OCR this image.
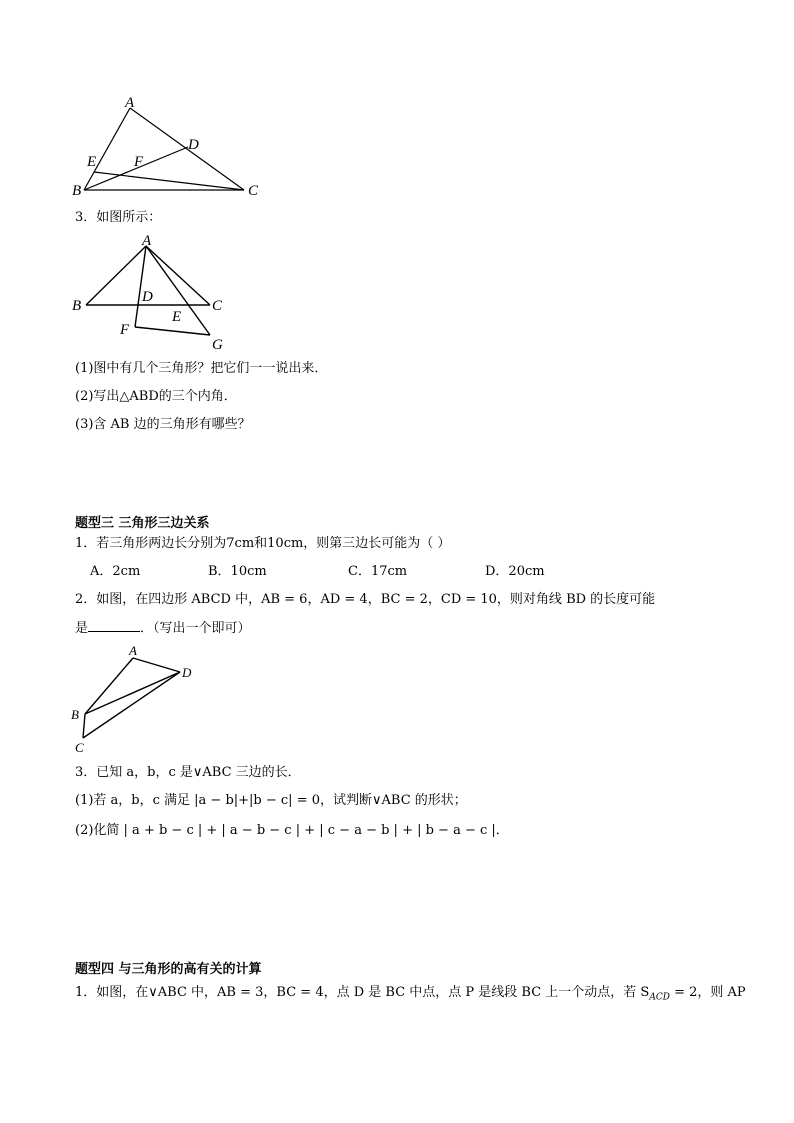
A
B	C
D
E	F
3．如图所示：
A
B	C
D
E
F
G
(1)图中有几个三角形？把它们一一说出来．
(2)写出△ABD的三个内角．
(3)含 AB 边的三角形有哪些？
题型三 三角形三边关系
1．若三角形两边长分别为7cm和10cm，则第三边长可能为（ ）
A．2cm	B．10cm	C．17cm	D．20cm
2．如图，在四边形 ABCD 中，AB = 6，AD = 4，BC = 2，CD = 10，则对角线 BD 的长度可能
是	．（写出一个即可）
A
B
C
D
3．已知 a，b，c 是∨ABC 三边的长．
(1)若 a，b，c 满足 |a − b|+|b − c| = 0，试判断∨ABC 的形状；
(2)化简 | a + b − c | + | a − b − c | + | c − a − b | + | b − a − c |．
题型四 与三角形的高有关的计算
1．如图，在∨ABC 中，AB = 3，BC = 4，点 D 是 BC 中点，点 P 是线段 BC 上一个动点，若 $S_{ACD} = 2$，则 AP
